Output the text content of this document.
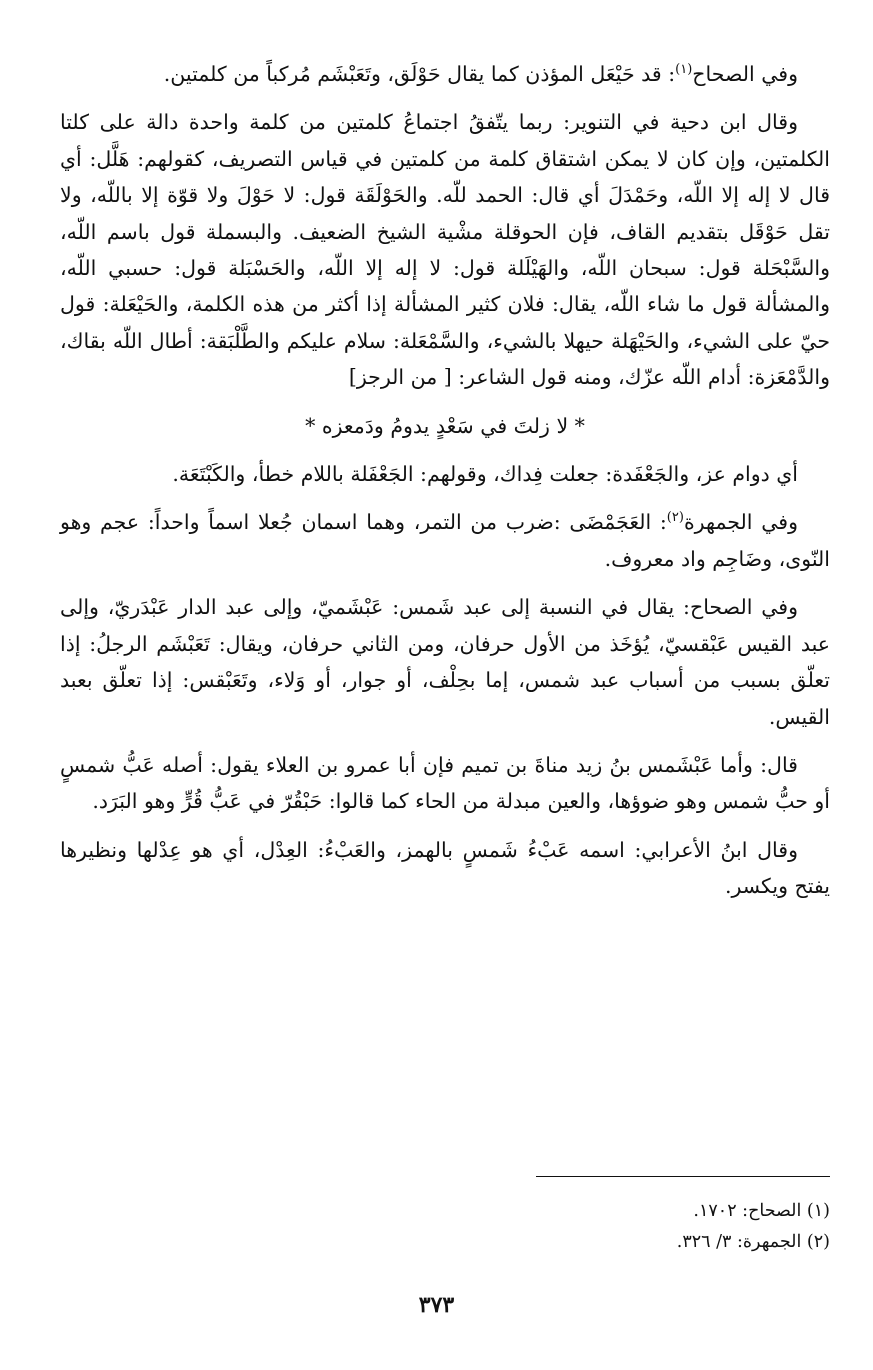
وفي الصحاح$^{(١)}$: قد حَيْعَل المؤذن كما يقال حَوْلَق، وتَعَبْشَم مُركباً من كلمتين.

وقال ابن دحية في التنوير: ربما يتّفقُ اجتماعُ كلمتين من كلمة واحدة دالة على كلتا الكلمتين، وإن كان لا يمكن اشتقاق كلمة من كلمتين في قياس التصريف، كقولهم: هَلَّل: أي قال لا إله إلا اللّه، وحَمْدَلَ أي قال: الحمد للّه. والحَوْلَقَة قول: لا حَوْلَ ولا قوّة إلا باللّه، ولا تقل حَوْقَل بتقديم القاف، فإن الحوقلة مشْية الشيخ الضعيف. والبسملة قول باسم اللّه، والسَّبْحَلة قول: سبحان اللّه، والهَيْلَلة قول: لا إله إلا اللّه، والحَسْبَلة قول: حسبي اللّه، والمشألة قول ما شاء اللّه، يقال: فلان كثير المشألة إذا أكثر من هذه الكلمة، والحَيْعَلة: قول حيّ على الشيء، والحَيْهَلة حيهلا بالشيء، والسَّمْعَلة: سلام عليكم والطَّلْبَقة: أطال اللّه بقاك، والدَّمْعَزة: أدام اللّه عزّك، ومنه قول الشاعر: [ من الرجز]

* لا زلتَ في سَعْدٍ يدومُ ودَمعزه *

أي دوام عز، والجَعْفَدة: جعلت فِداك، وقولهم: الجَعْفَلة باللام خطأ، والكَبْتَعَة.

وفي الجمهرة$^{(٢)}$: العَجَمْضَى :ضرب من التمر، وهما اسمان جُعلا اسماً واحداً: عجم وهو النّوى، وضَاجِم واد معروف.

وفي الصحاح: يقال في النسبة إلى عبد شَمس: عَبْشَميّ، وإلى عبد الدار عَبْدَريّ، وإلى عبد القيس عَبْقسيّ، يُؤخَذ من الأول حرفان، ومن الثاني حرفان، ويقال: تَعَبْشَم الرجلُ: إذا تعلّق بسبب من أسباب عبد شمس، إما بحِلْف، أو جوار، أو وَلاء، وتَعَبْقس: إذا تعلّق بعبد القيس.

قال: وأما عَبْشَمس بنُ زيد مناةَ بن تميم فإن أبا عمرو بن العلاء يقول: أصله عَبُّ شمسٍ أو حبُّ شمس وهو ضوؤها، والعين مبدلة من الحاء كما قالوا: حَبْقُرّ في عَبُّ قُرٍّ وهو البَرَد.

وقال ابنُ الأعرابي: اسمه عَبْءُ شَمسٍ بالهمز، والعَبْءُ: العِدْل، أي هو عِدْلها ونظيرها يفتح ويكسر.

(١) الصحاح: ١٧٠٢.

(٢) الجمهرة: ٣/ ٣٢٦.

٣٧٣
